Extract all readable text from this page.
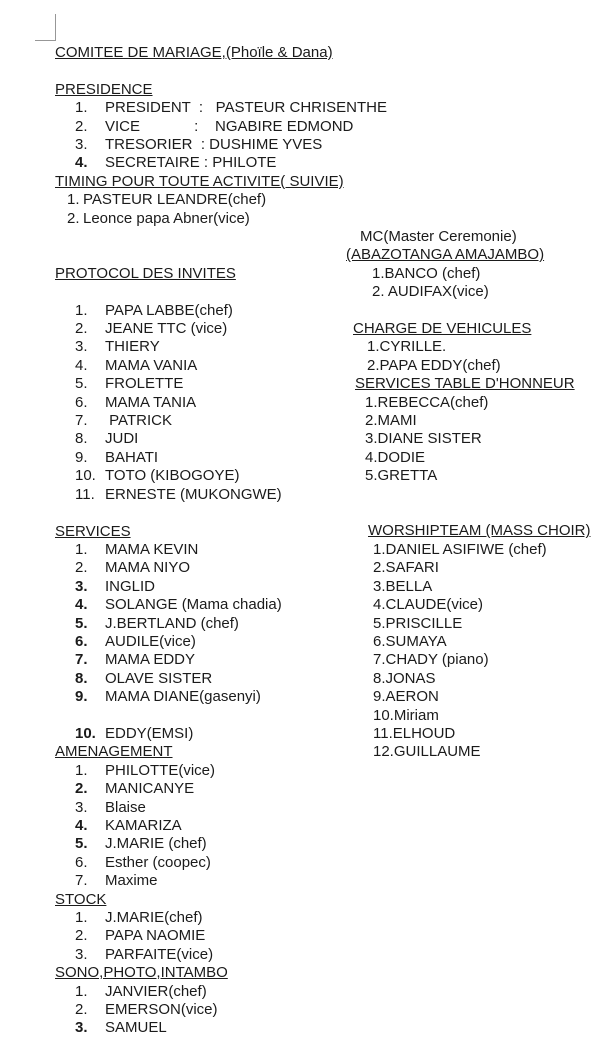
COMITEE DE MARIAGE,(Phoïle & Dana)
PRESIDENCE
1.	PRESIDENT  :   PASTEUR CHRISENTHE
2.	VICE             :    NGABIRE EDMOND
3.	TRESORIER  : DUSHIME YVES
4.	SECRETAIRE : PHILOTE
TIMING POUR TOUTE ACTIVITE( SUIVIE)
1. PASTEUR LEANDRE(chef)
2. Leonce papa Abner(vice)
PROTOCOL DES INVITES
1.	PAPA LABBE(chef)
2.	JEANE TTC (vice)
3.	THIERY
4.	MAMA VANIA
5.	FROLETTE
6.	MAMA TANIA
7.	PATRICK
8.	JUDI
9.	BAHATI
10. TOTO (KIBOGOYE)
11. ERNESTE (MUKONGWE)
SERVICES
1.	MAMA KEVIN
2.	MAMA NIYO
3.	INGLID
4.	SOLANGE (Mama chadia)
5.	J.BERTLAND (chef)
6.	AUDILE(vice)
7.	MAMA EDDY
8.	OLAVE SISTER
9.	MAMA DIANE(gasenyi)
10. EDDY(EMSI)
AMENAGEMENT
1.	PHILOTTE(vice)
2.	MANICANYE
3.	Blaise
4.	KAMARIZA
5.	J.MARIE (chef)
6.	Esther (coopec)
7.	Maxime
STOCK
1.	J.MARIE(chef)
2.	PAPA NAOMIE
3.	PARFAITE(vice)
SONO,PHOTO,INTAMBO
1.	JANVIER(chef)
2.	EMERSON(vice)
3.	SAMUEL
MC(Master Ceremonie)
(ABAZOTANGA AMAJAMBO)
1.BANCO (chef)
2. AUDIFAX(vice)
CHARGE DE VEHICULES
1.CYRILLE.
2.PAPA EDDY(chef)
SERVICES TABLE D'HONNEUR
1.REBECCA(chef)
2.MAMI
3.DIANE SISTER
4.DODIE
5.GRETTA
WORSHIPTEAM (MASS CHOIR)
1.DANIEL ASIFIWE (chef)
2.SAFARI
3.BELLA
4.CLAUDE(vice)
5.PRISCILLE
6.SUMAYA
7.CHADY (piano)
8.JONAS
9.AERON
10.Miriam
11.ELHOUD
12.GUILLAUME
